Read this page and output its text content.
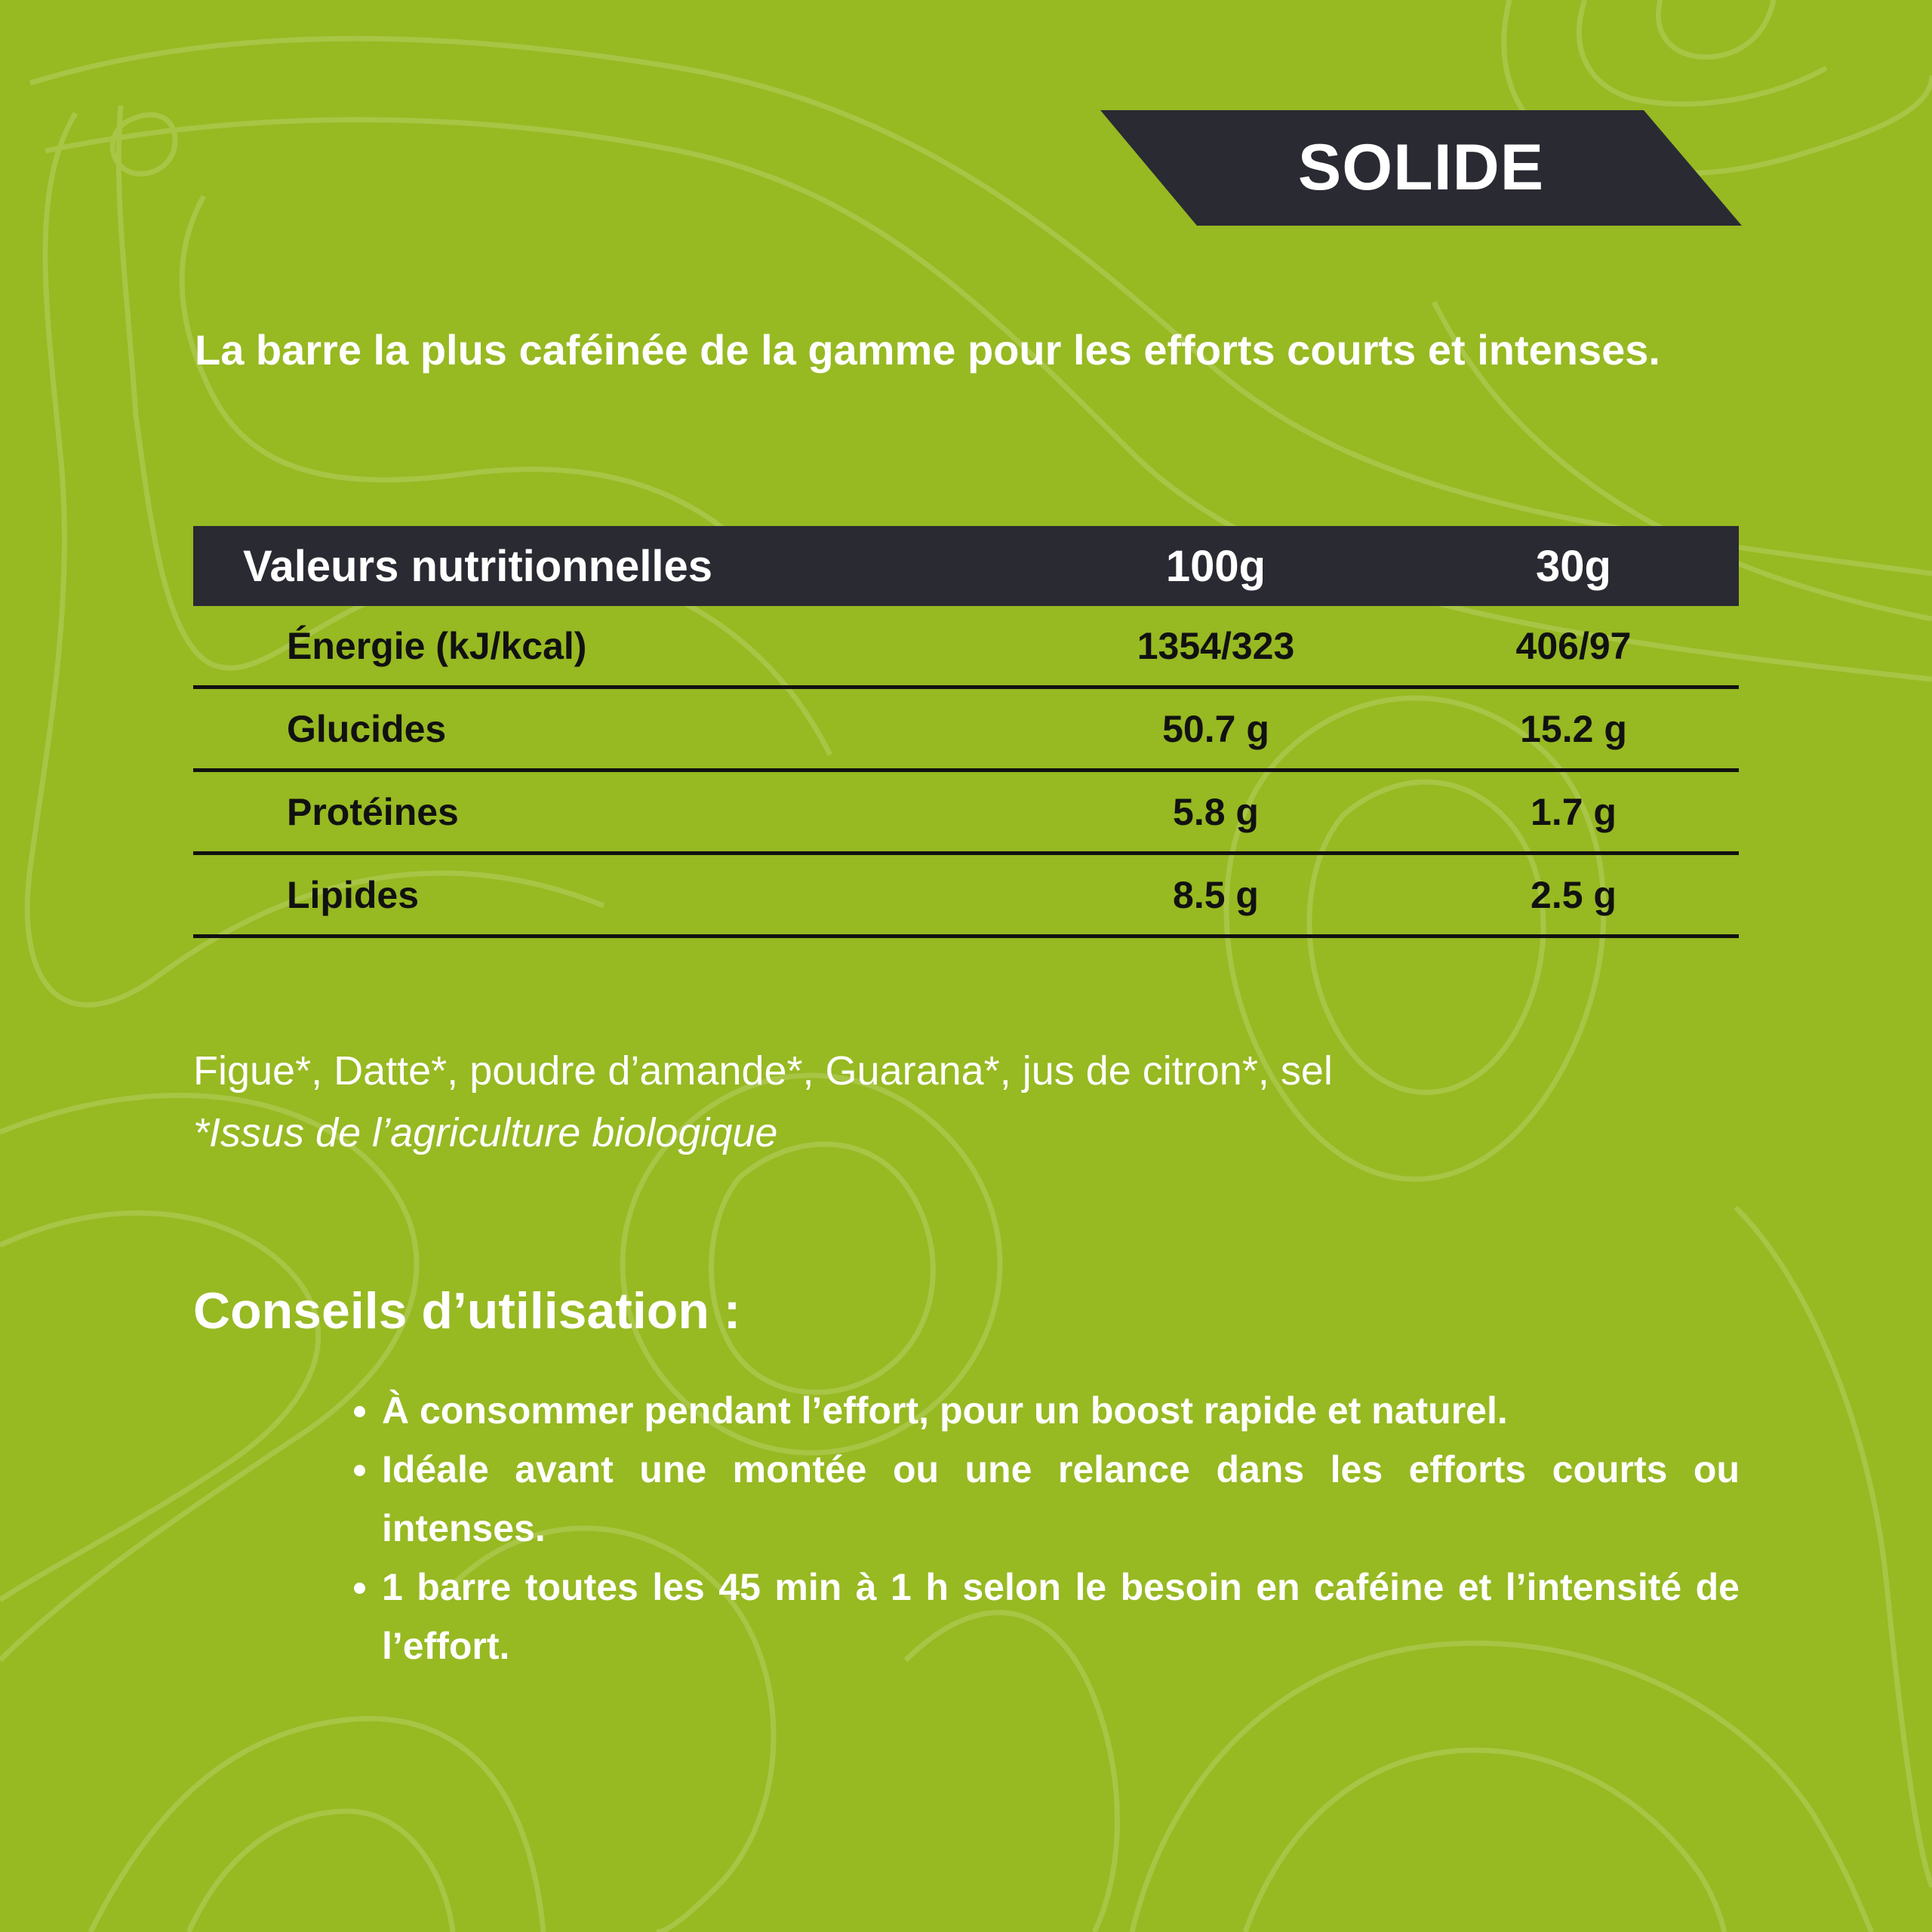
SOLIDE
La barre la plus caféinée de la gamme pour les efforts courts et intenses.
Valeurs nutritionnelles	100g	30g
Énergie (kJ/kcal)	1354/323	406/97
Glucides	50.7 g	15.2 g
Protéines	5.8 g	1.7 g
Lipides	8.5 g	2.5 g
Figue*, Datte*, poudre d’amande*, Guarana*, jus de citron*, sel
*Issus de l’agriculture biologique
Conseils d’utilisation :
• À consommer pendant l’effort, pour un boost rapide et naturel.
• Idéale avant une montée ou une relance dans les efforts courts ou intenses.
• 1 barre toutes les 45 min à 1 h selon le besoin en caféine et l’intensité de l’effort.
